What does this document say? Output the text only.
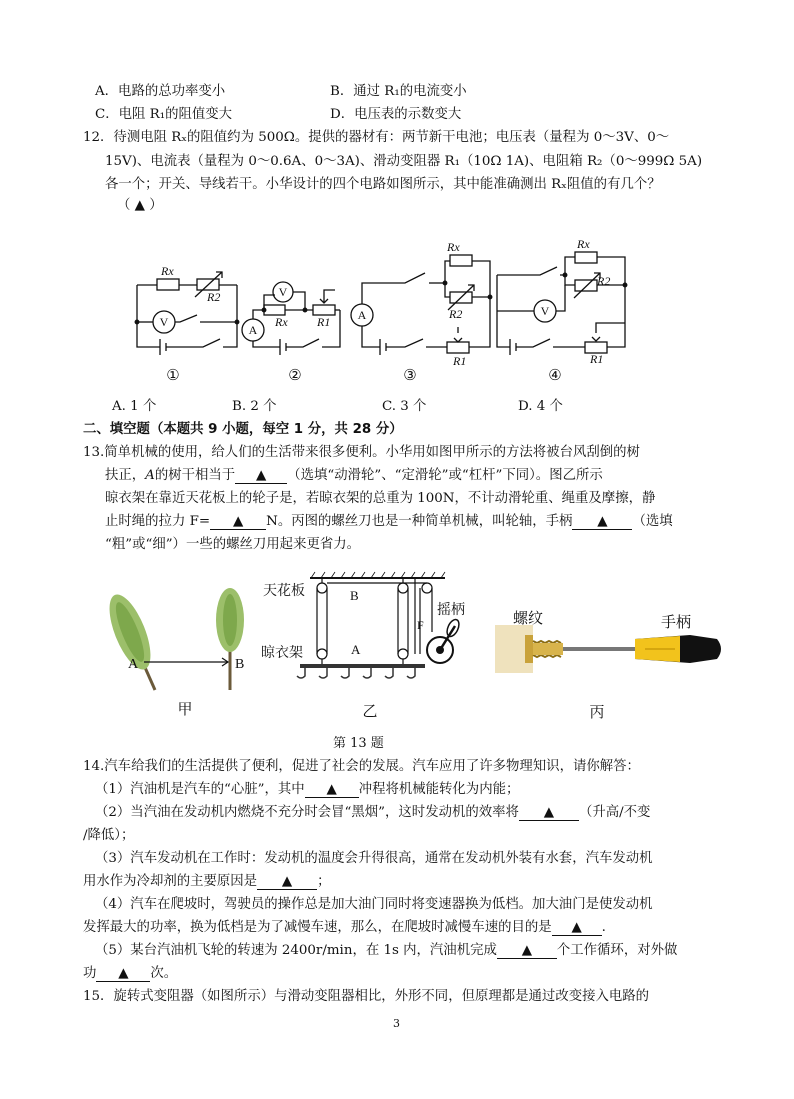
A．电路的总功率变小	B．通过 R₁的电流变小
C．电阻 R₁的阻值变大	D．电压表的示数变大
12．待测电阻 Rₓ的阻值约为 500Ω。提供的器材有：两节新干电池；电压表（量程为 0～3V、0～
15V)、电流表（量程为 0～0.6A、0～3A)、滑动变阻器 R₁（10Ω 1A)、电阻箱 R₂（0～999Ω 5A)
各一个；开关、导线若干。小华设计的四个电路如图所示，其中能准确测出 Rₓ阻值的有几个？
（ ▲ ）
Rx
R2
Rx R1
Rx
R2
R1
Rx
R2
R1
V
A
V
A	V
①	②	③	④
A. 1 个	B. 2 个	C. 3 个	D. 4 个
二、填空题（本题共 9 小题，每空 1 分，共 28 分）
13.简单机械的使用，给人们的生活带来很多便利。小华用如图甲所示的方法将被台风刮倒的树
扶正，A的树干相当于 ▲ （选填“动滑轮”、“定滑轮”或“杠杆”下同）。图乙所示
晾衣架在靠近天花板上的轮子是，若晾衣架的总重为 100N，不计动滑轮重、绳重及摩擦，静
止时绳的拉力 F= ▲ N。丙图的螺丝刀也是一种简单机械，叫轮轴，手柄 ▲ （选填
“粗”或“细”）一些的螺丝刀用起来更省力。
A	B
甲
天花板
晾衣架
摇柄
B
A
F
乙
螺纹	手柄
丙
第 13 题
14.汽车给我们的生活提供了便利，促进了社会的发展。汽车应用了许多物理知识，请你解答：
（1）汽油机是汽车的“心脏”，其中 ▲ 冲程将机械能转化为内能；
（2）当汽油在发动机内燃烧不充分时会冒“黑烟”，这时发动机的效率将 ▲ （升高/不变
/降低）；
（3）汽车发动机在工作时：发动机的温度会升得很高，通常在发动机外装有水套，汽车发动机
用水作为冷却剂的主要原因是 ▲ ；
（4）汽车在爬坡时，驾驶员的操作总是加大油门同时将变速器换为低档。加大油门是使发动机
发挥最大的功率，换为低档是为了减慢车速，那么，在爬坡时减慢车速的目的是 ▲ .
（5）某台汽油机飞轮的转速为 2400r/min，在 1s 内，汽油机完成 ▲ 个工作循环，对外做
功 ▲ 次。
15．旋转式变阻器（如图所示）与滑动变阻器相比，外形不同，但原理都是通过改变接入电路的
3
